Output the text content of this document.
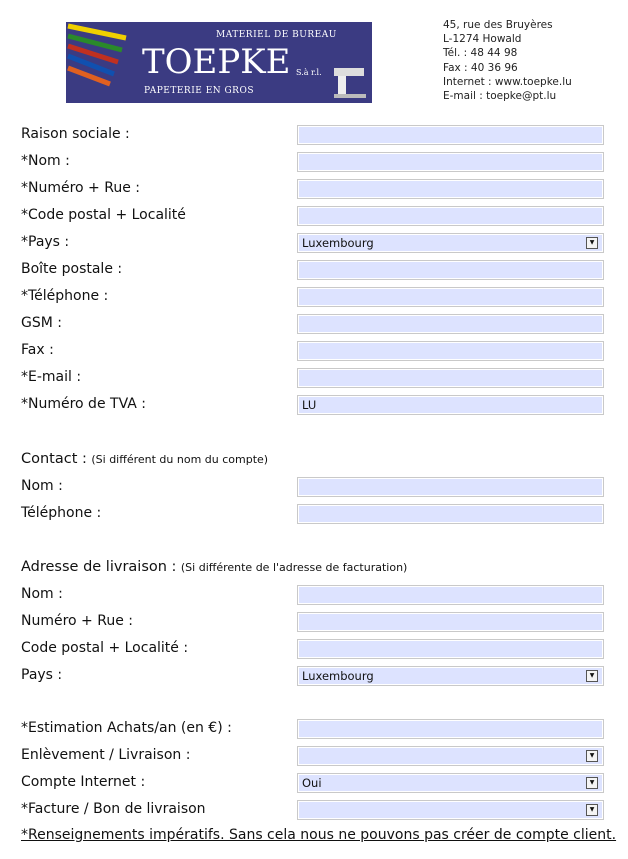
MATERIEL DE BUREAU
TOEPKE S.à r.l.
PAPETERIE EN GROS
45, rue des Bruyères
L-1274 Howald
Tél. : 48 44 98
Fax : 40 36 96
Internet : www.toepke.lu
E-mail : toepke@pt.lu
Raison sociale :
*Nom :
*Numéro + Rue :
*Code postal + Localité
*Pays :	Luxembourg	▼
Boîte postale :
*Téléphone :
GSM :
Fax :
*E-mail :
*Numéro de TVA :	LU
Contact : (Si différent du nom du compte)
Nom :
Téléphone :
Adresse de livraison : (Si différente de l'adresse de facturation)
Nom :
Numéro + Rue :
Code postal + Localité :
Pays :	Luxembourg	▼
*Estimation Achats/an (en €) :
Enlèvement / Livraison :	▼
Compte Internet :	Oui	▼
*Facture / Bon de livraison	▼
*Renseignements impératifs. Sans cela nous ne pouvons pas créer de compte client.
